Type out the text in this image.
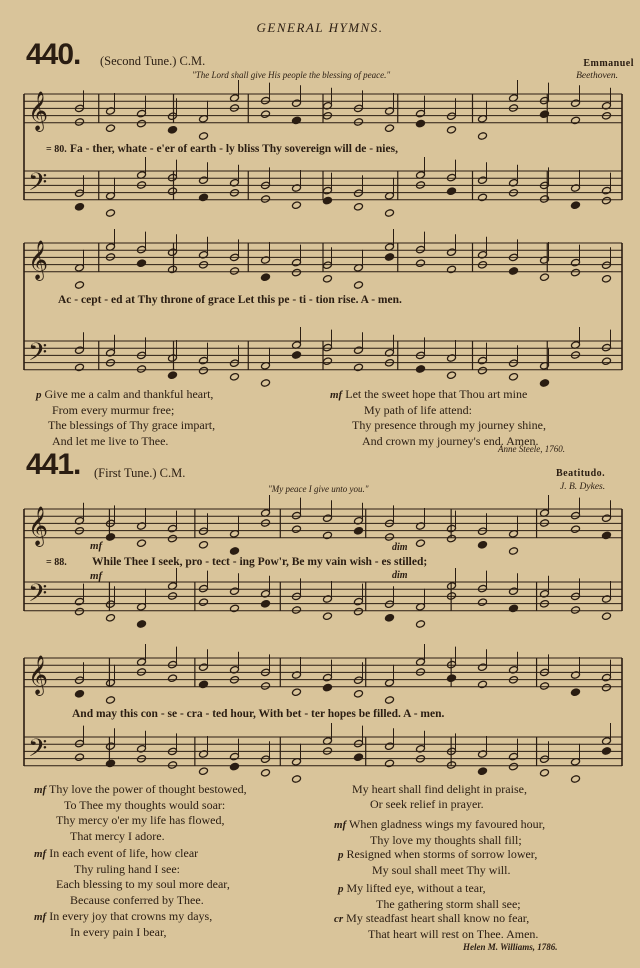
GENERAL HYMNS.
440. (Second Tune.) C.M.
"The Lord shall give His people the blessing of peace."
Emmanuel
Beethoven.
𝄞
𝄢
𝄞
𝄢
𝄞
𝄢
𝄞
𝄢
= 80. Fa - ther, whate - e'er of earth - ly bliss Thy sovereign will de - nies,
Ac - cept - ed at Thy throne of grace Let this pe - ti - tion rise. A - men.
p Give me a calm and thankful heart,
From every murmur free;
The blessings of Thy grace impart,
And let me live to Thee.
mf Let the sweet hope that Thou art mine
My path of life attend:
Thy presence through my journey shine,
And crown my journey's end. Amen.
Anne Steele, 1760.
441. (First Tune.) C.M.
"My peace I give unto you."
Beatitudo.
J. B. Dykes.
mf	dim
= 88. While Thee I seek, pro - tect - ing Pow'r, Be my vain wish - es stilled;
mf	dim
And may this con - se - cra - ted hour, With bet - ter hopes be filled. A - men.
mf Thy love the power of thought bestowed,
To Thee my thoughts would soar:
Thy mercy o'er my life has flowed,
That mercy I adore.
mf In each event of life, how clear
Thy ruling hand I see:
Each blessing to my soul more dear,
Because conferred by Thee.
mf In every joy that crowns my days,
In every pain I bear,
My heart shall find delight in praise,
Or seek relief in prayer.
mf When gladness wings my favoured hour,
Thy love my thoughts shall fill;
p Resigned when storms of sorrow lower,
My soul shall meet Thy will.
p My lifted eye, without a tear,
The gathering storm shall see;
cr My steadfast heart shall know no fear,
That heart will rest on Thee. Amen.
Helen M. Williams, 1786.
